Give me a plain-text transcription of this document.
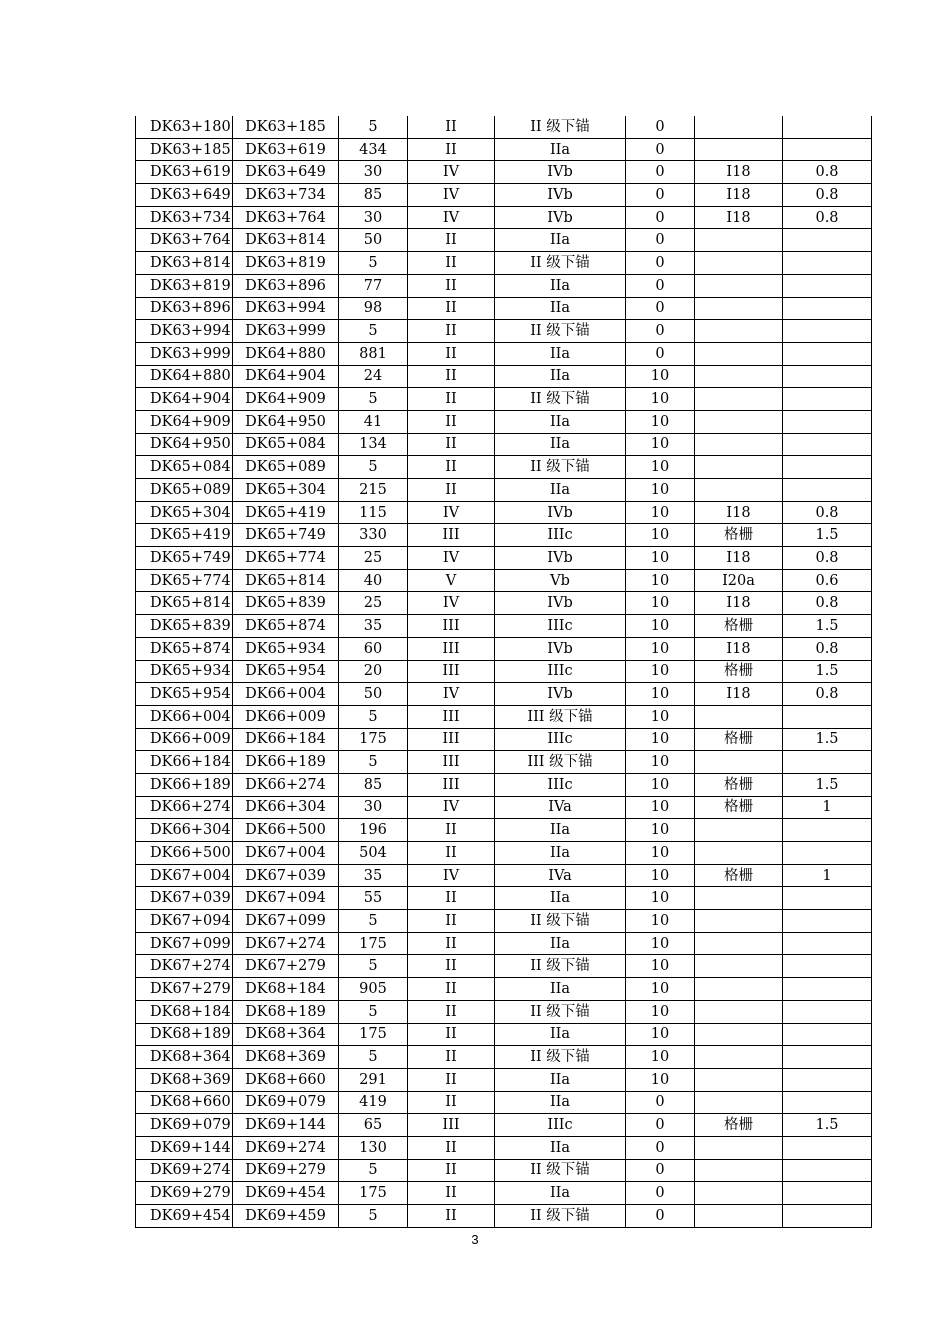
DK63+180	DK63+185	5	II	II 级下锚	0		
DK63+185	DK63+619	434	II	IIa	0		
DK63+619	DK63+649	30	IV	IVb	0	I18	0.8
DK63+649	DK63+734	85	IV	IVb	0	I18	0.8
DK63+734	DK63+764	30	IV	IVb	0	I18	0.8
DK63+764	DK63+814	50	II	IIa	0		
DK63+814	DK63+819	5	II	II 级下锚	0		
DK63+819	DK63+896	77	II	IIa	0		
DK63+896	DK63+994	98	II	IIa	0		
DK63+994	DK63+999	5	II	II 级下锚	0		
DK63+999	DK64+880	881	II	IIa	0		
DK64+880	DK64+904	24	II	IIa	10		
DK64+904	DK64+909	5	II	II 级下锚	10		
DK64+909	DK64+950	41	II	IIa	10		
DK64+950	DK65+084	134	II	IIa	10		
DK65+084	DK65+089	5	II	II 级下锚	10		
DK65+089	DK65+304	215	II	IIa	10		
DK65+304	DK65+419	115	IV	IVb	10	I18	0.8
DK65+419	DK65+749	330	III	IIIc	10	格栅	1.5
DK65+749	DK65+774	25	IV	IVb	10	I18	0.8
DK65+774	DK65+814	40	V	Vb	10	I20a	0.6
DK65+814	DK65+839	25	IV	IVb	10	I18	0.8
DK65+839	DK65+874	35	III	IIIc	10	格栅	1.5
DK65+874	DK65+934	60	III	IVb	10	I18	0.8
DK65+934	DK65+954	20	III	IIIc	10	格栅	1.5
DK65+954	DK66+004	50	IV	IVb	10	I18	0.8
DK66+004	DK66+009	5	III	III 级下锚	10		
DK66+009	DK66+184	175	III	IIIc	10	格栅	1.5
DK66+184	DK66+189	5	III	III 级下锚	10		
DK66+189	DK66+274	85	III	IIIc	10	格栅	1.5
DK66+274	DK66+304	30	IV	IVa	10	格栅	1
DK66+304	DK66+500	196	II	IIa	10		
DK66+500	DK67+004	504	II	IIa	10		
DK67+004	DK67+039	35	IV	IVa	10	格栅	1
DK67+039	DK67+094	55	II	IIa	10		
DK67+094	DK67+099	5	II	II 级下锚	10		
DK67+099	DK67+274	175	II	IIa	10		
DK67+274	DK67+279	5	II	II 级下锚	10		
DK67+279	DK68+184	905	II	IIa	10		
DK68+184	DK68+189	5	II	II 级下锚	10		
DK68+189	DK68+364	175	II	IIa	10		
DK68+364	DK68+369	5	II	II 级下锚	10		
DK68+369	DK68+660	291	II	IIa	10		
DK68+660	DK69+079	419	II	IIa	0		
DK69+079	DK69+144	65	III	IIIc	0	格栅	1.5
DK69+144	DK69+274	130	II	IIa	0		
DK69+274	DK69+279	5	II	II 级下锚	0		
DK69+279	DK69+454	175	II	IIa	0		
DK69+454	DK69+459	5	II	II 级下锚	0		
3
